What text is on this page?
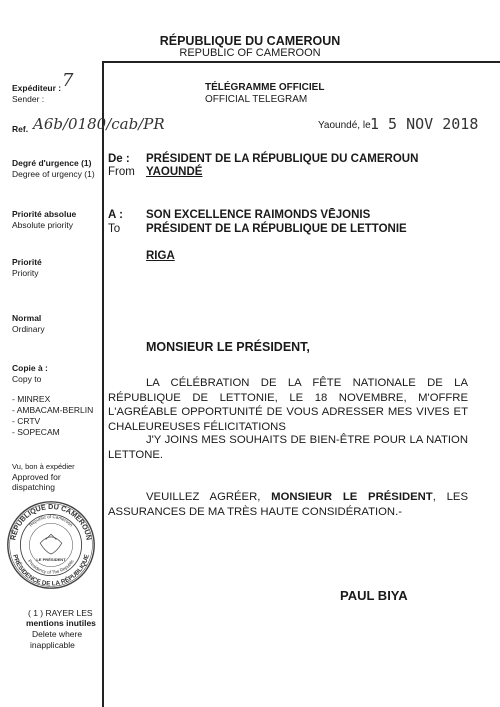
RÉPUBLIQUE DU CAMEROUN
REPUBLIC OF CAMEROON
TÉLÉGRAMME OFFICIEL
OFFICIAL TELEGRAM
Expéditeur : 7
Sender :
Ref. A6b/0180/cab/PR	Yaoundé, le 1 5 NOV 2018
Degré d'urgence (1)
Degree of urgency (1)
Priorité absolue
Absolute priority
Priorité
Priority
Normal
Ordinary
Copie à :
Copy to
- MINREX
- AMBACAM-BERLIN
- CRTV
- SOPECAM
Vu, bon à expédier
Approved for
dispatching
RÉPUBLIQUE DU CAMEROUN
PRÉSIDENCE DE LA RÉPUBLIQUE
Republic of Cameroon
Presidency of The Republic
LE PRÉSIDENT
( 1 ) RAYER LES
mentions inutiles
Delete where
inapplicable
De :
From
PRÉSIDENT DE LA RÉPUBLIQUE DU CAMEROUN
YAOUNDÉ
A :
To
SON EXCELLENCE RAIMONDS VĒJONIS
PRÉSIDENT DE LA RÉPUBLIQUE DE LETTONIE
RIGA
MONSIEUR LE PRÉSIDENT,
LA CÉLÉBRATION DE LA FÊTE NATIONALE DE LA RÉPUBLIQUE DE LETTONIE, LE 18 NOVEMBRE, M'OFFRE L'AGRÉABLE OPPORTUNITÉ DE VOUS ADRESSER MES VIVES ET CHALEUREUSES FÉLICITATIONS
J'Y JOINS MES SOUHAITS DE BIEN-ÊTRE POUR LA NATION LETTONE.
VEUILLEZ AGRÉER, MONSIEUR LE PRÉSIDENT, LES ASSURANCES DE MA TRÈS HAUTE CONSIDÉRATION.-
PAUL BIYA
